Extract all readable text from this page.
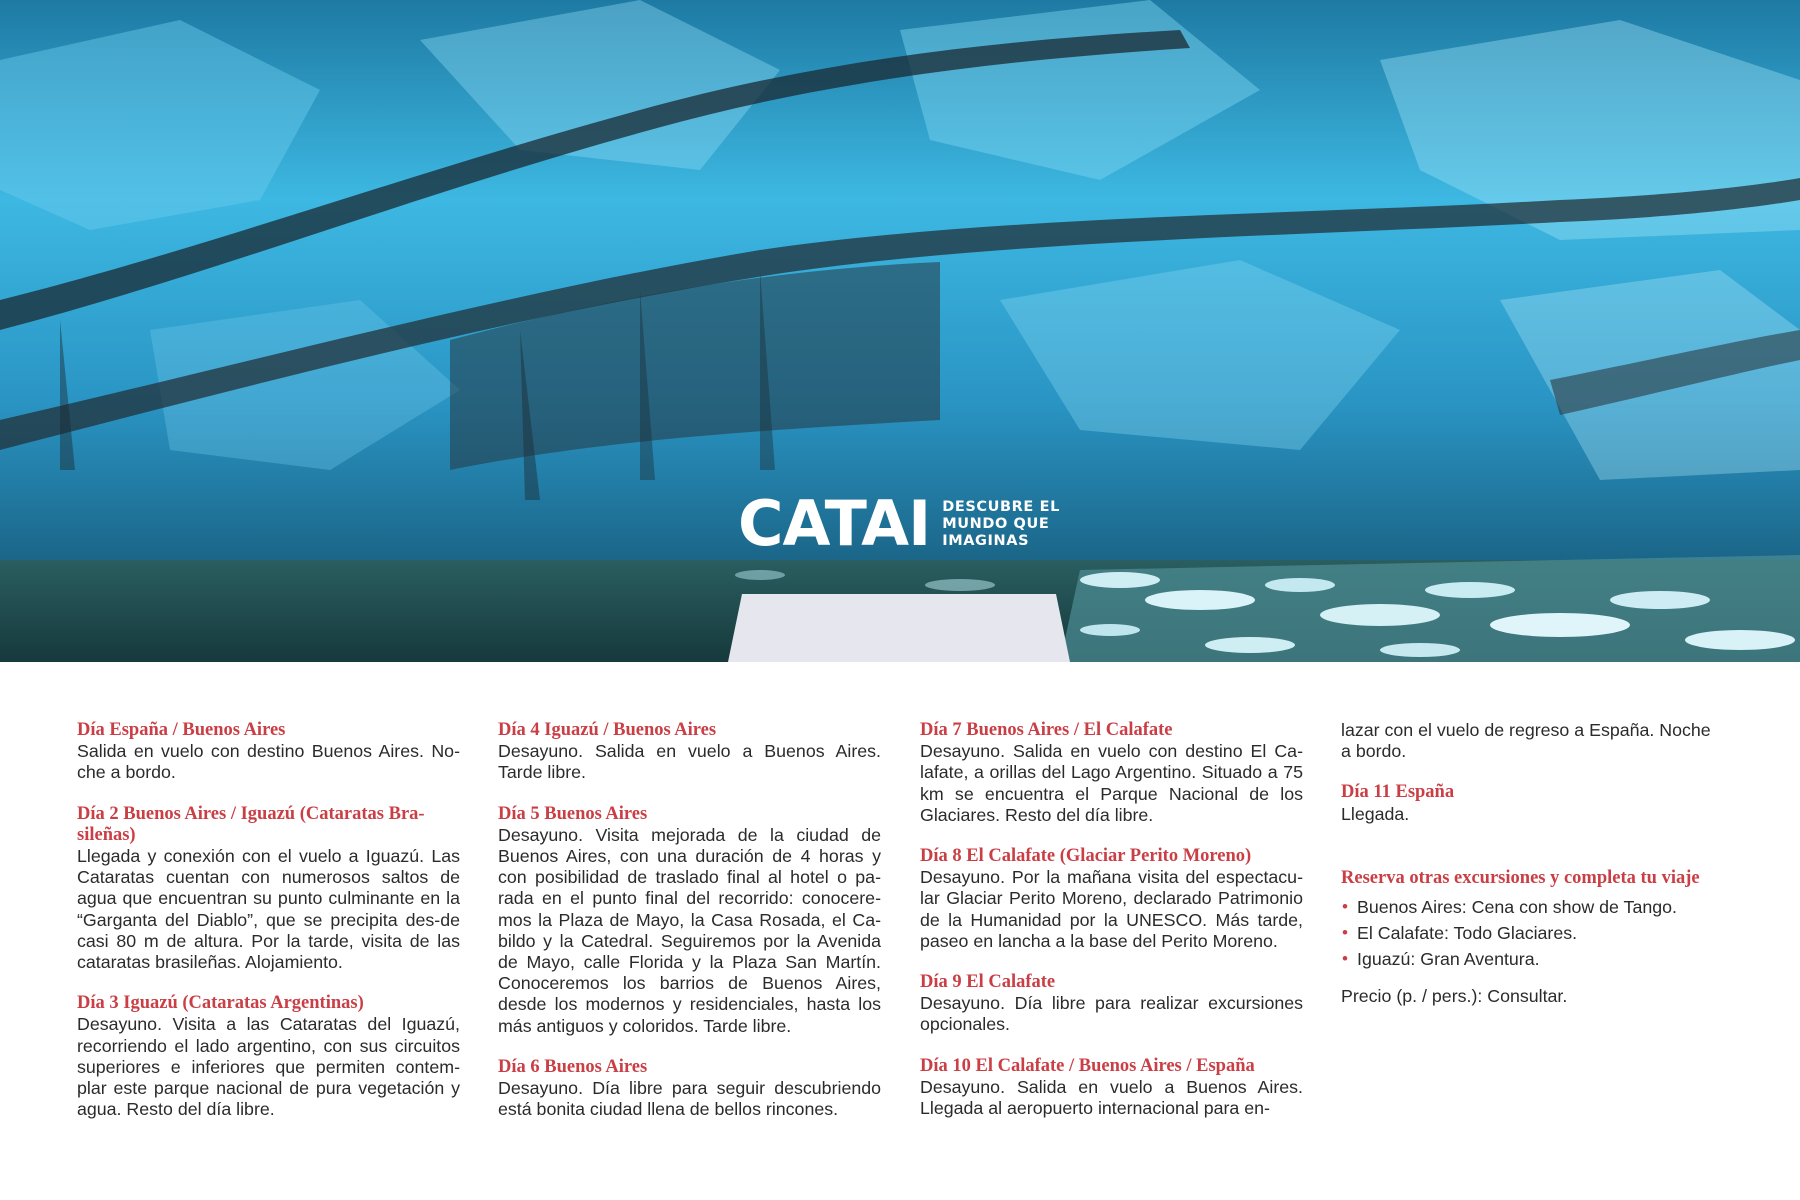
CATAI DESCUBRE EL
MUNDO QUE
IMAGINAS
Día España / Buenos Aires
Salida en vuelo con destino Buenos Aires. No-che a bordo.
Día 2 Buenos Aires / Iguazú (Cataratas Bra-sileñas)
Llegada y conexión con el vuelo a Iguazú. Las Cataratas cuentan con numerosos saltos de agua que encuentran su punto culminante en la “Garganta del Diablo”, que se precipita des-de casi 80 m de altura. Por la tarde, visita de las cataratas brasileñas. Alojamiento.
Día 3 Iguazú (Cataratas Argentinas)
Desayuno. Visita a las Cataratas del Iguazú, recorriendo el lado argentino, con sus circuitos superiores e inferiores que permiten contem-plar este parque nacional de pura vegetación y agua. Resto del día libre.
Día 4 Iguazú / Buenos Aires
Desayuno. Salida en vuelo a Buenos Aires. Tarde libre.
Día 5 Buenos Aires
Desayuno. Visita mejorada de la ciudad de Buenos Aires, con una duración de 4 horas y con posibilidad de traslado final al hotel o pa-rada en el punto final del recorrido: conocere-mos la Plaza de Mayo, la Casa Rosada, el Ca-bildo y la Catedral. Seguiremos por la Avenida de Mayo, calle Florida y la Plaza San Martín. Conoceremos los barrios de Buenos Aires, desde los modernos y residenciales, hasta los más antiguos y coloridos. Tarde libre.
Día 6 Buenos Aires
Desayuno. Día libre para seguir descubriendo está bonita ciudad llena de bellos rincones.
Día 7 Buenos Aires / El Calafate
Desayuno. Salida en vuelo con destino El Ca-lafate, a orillas del Lago Argentino. Situado a 75 km se encuentra el Parque Nacional de los Glaciares. Resto del día libre.
Día 8 El Calafate (Glaciar Perito Moreno)
Desayuno. Por la mañana visita del espectacu-lar Glaciar Perito Moreno, declarado Patrimonio de la Humanidad por la UNESCO. Más tarde, paseo en lancha a la base del Perito Moreno.
Día 9 El Calafate
Desayuno. Día libre para realizar excursiones opcionales.
Día 10 El Calafate / Buenos Aires / España
Desayuno. Salida en vuelo a Buenos Aires. Llegada al aeropuerto internacional para en-
lazar con el vuelo de regreso a España. Noche a bordo.
Día 11 España
Llegada.
Reserva otras excursiones y completa tu viaje
• Buenos Aires: Cena con show de Tango.
• El Calafate: Todo Glaciares.
• Iguazú: Gran Aventura.
Precio (p. / pers.): Consultar.
